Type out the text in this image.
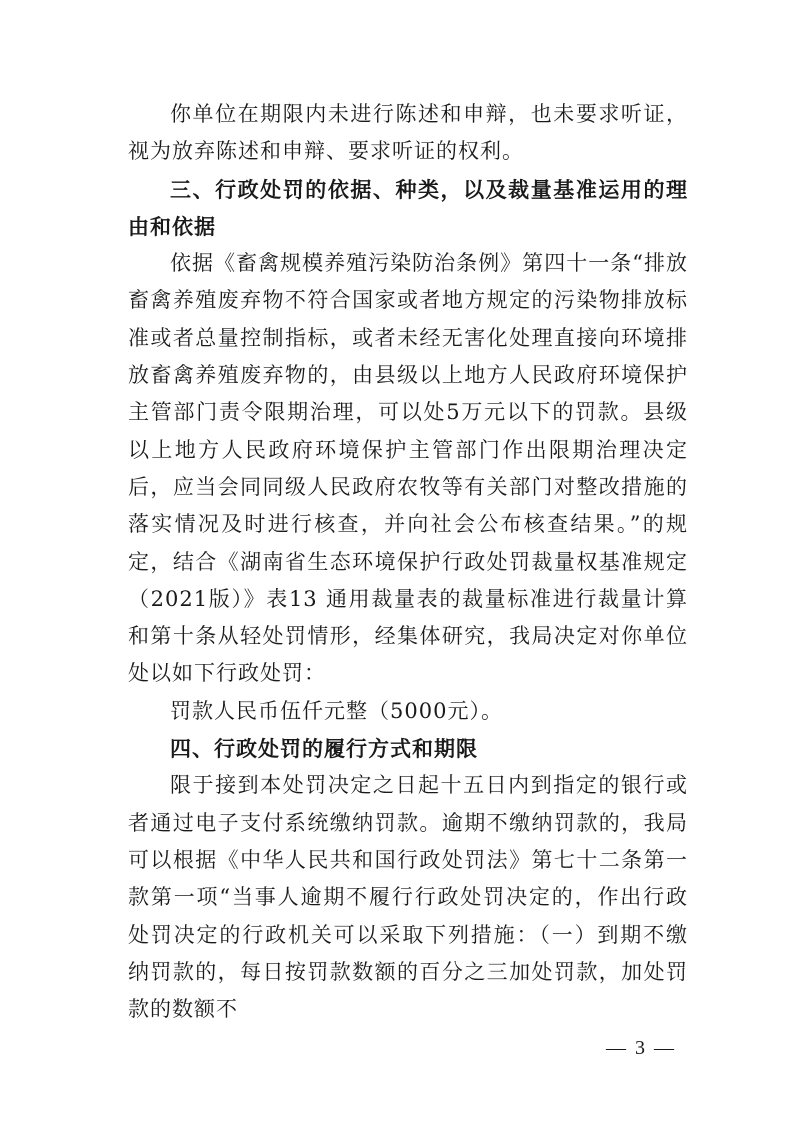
你单位在期限内未进行陈述和申辩，也未要求听证，视为放弃陈述和申辩、要求听证的权利。

三、行政处罚的依据、种类，以及裁量基准运用的理由和依据

依据《畜禽规模养殖污染防治条例》第四十一条“排放畜禽养殖废弃物不符合国家或者地方规定的污染物排放标准或者总量控制指标，或者未经无害化处理直接向环境排放畜禽养殖废弃物的，由县级以上地方人民政府环境保护主管部门责令限期治理，可以处5万元以下的罚款。县级以上地方人民政府环境保护主管部门作出限期治理决定后，应当会同同级人民政府农牧等有关部门对整改措施的落实情况及时进行核查，并向社会公布核查结果。”的规定，结合《湖南省生态环境保护行政处罚裁量权基准规定（2021版）》表13 通用裁量表的裁量标准进行裁量计算和第十条从轻处罚情形，经集体研究，我局决定对你单位处以如下行政处罚：

罚款人民币伍仟元整（5000元）。

四、行政处罚的履行方式和期限

限于接到本处罚决定之日起十五日内到指定的银行或者通过电子支付系统缴纳罚款。逾期不缴纳罚款的，我局可以根据《中华人民共和国行政处罚法》第七十二条第一款第一项“当事人逾期不履行行政处罚决定的，作出行政处罚决定的行政机关可以采取下列措施：（一）到期不缴纳罚款的，每日按罚款数额的百分之三加处罚款，加处罚款的数额不

— 3 —
